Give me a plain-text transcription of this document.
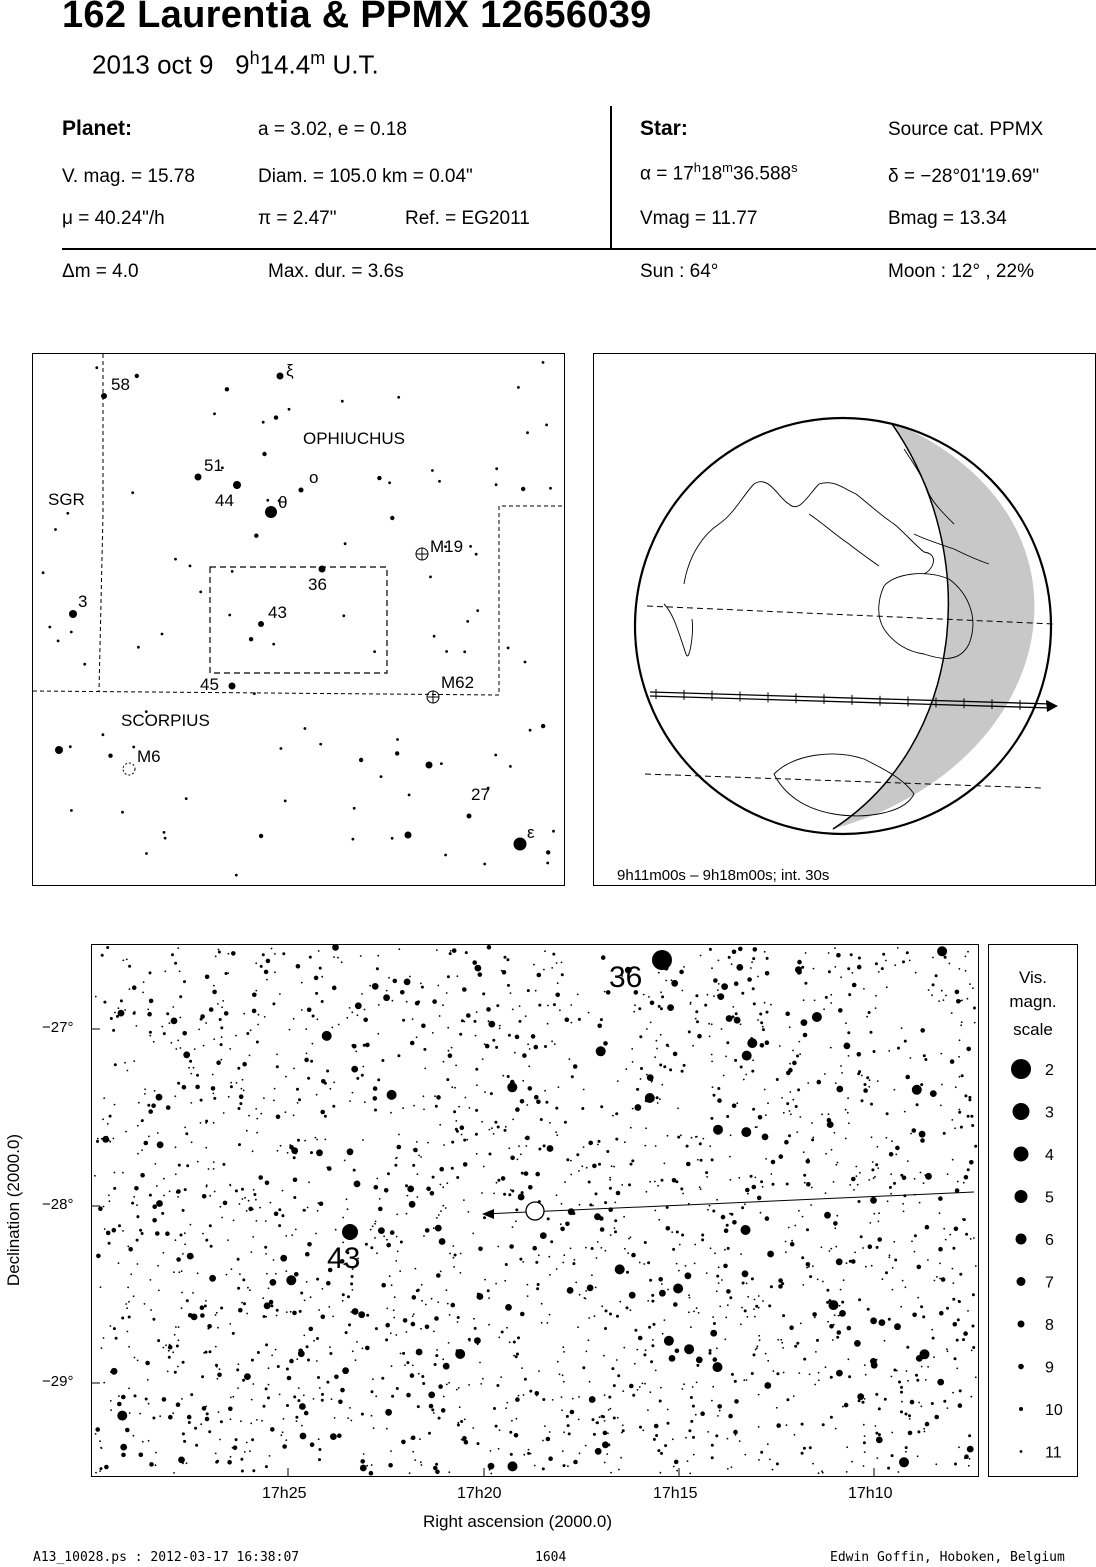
162 Laurentia & PPMX 12656039
2013 oct 9 9$^h$14.4$^m$ U.T.
Planet:	a = 3.02, e = 0.18
V. mag. = 15.78	Diam. = 105.0 km = 0.04"
μ = 40.24"/h	π = 2.47"	Ref. = EG2011
Star:	Source cat. PPMX
$\alpha = 17^h18^m36.588^s$	δ = −28°01'19.69"
Vmag = 11.77	Bmag = 13.34
Δm = 4.0	Max. dur. = 3.6s	Sun : 64°	Moon : 12° , 22%
OPHIUCHUS
SGR
SCORPIUS
58
51
44
3
36
43
45
27
ξ
ο
θ
ε
M19
M62
M6
9h11m00s – 9h18m00s; int. 30s
43
36
−27°
−28°
−29°
17h25	17h20	17h15	17h10
Right ascension (2000.0)
Declination (2000.0)
Vis.
magn.
scale
2
3
4
5
6
7
8
9
10
11
A13_10028.ps : 2012-03-17 16:38:07	1604	Edwin Goffin, Hoboken, Belgium
